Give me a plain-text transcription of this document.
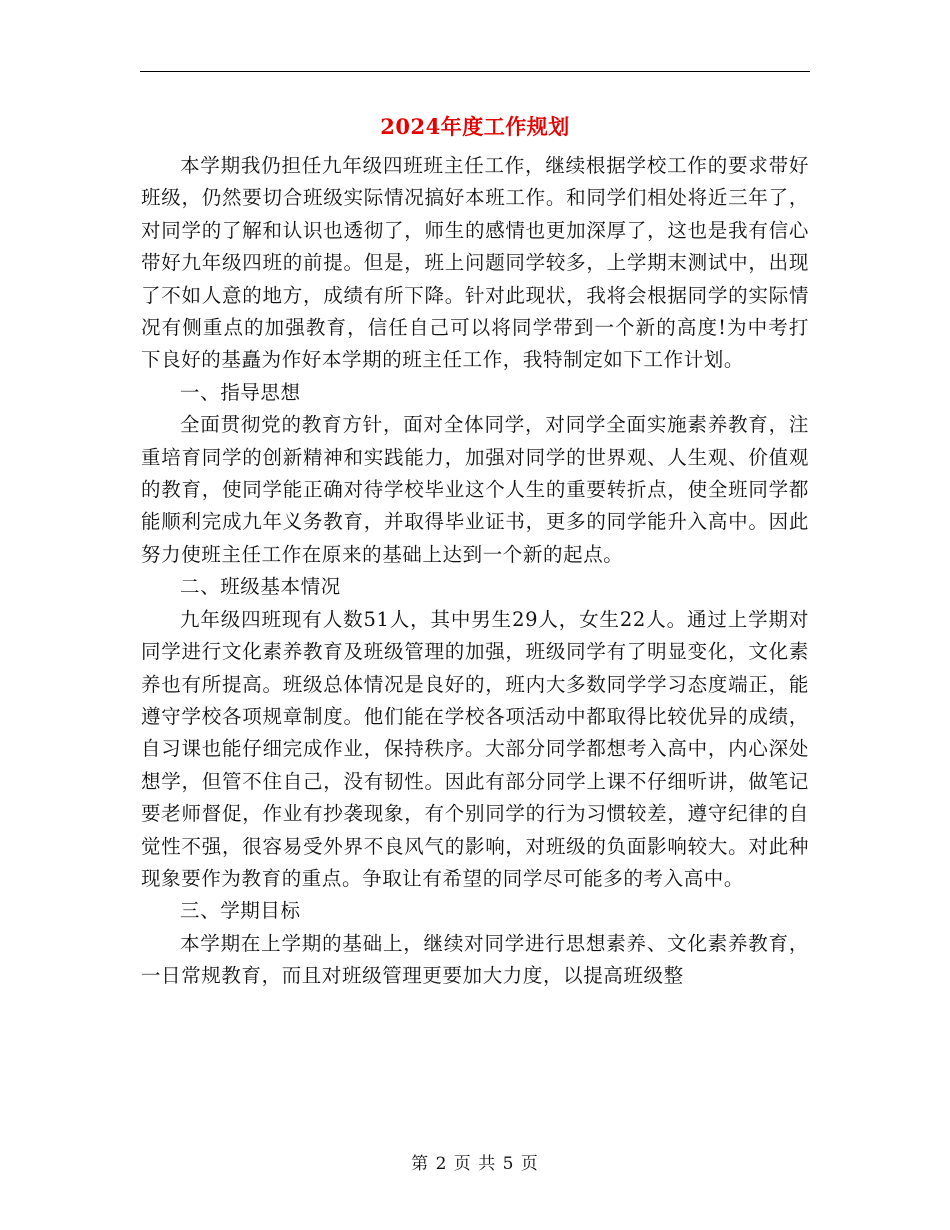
2024年度工作规划

本学期我仍担任九年级四班班主任工作，继续根据学校工作的要求带好班级，仍然要切合班级实际情况搞好本班工作。和同学们相处将近三年了，对同学的了解和认识也透彻了，师生的感情也更加深厚了，这也是我有信心带好九年级四班的前提。但是，班上问题同学较多，上学期末测试中，出现了不如人意的地方，成绩有所下降。针对此现状，我将会根据同学的实际情况有侧重点的加强教育，信任自己可以将同学带到一个新的高度!为中考打下良好的基矗为作好本学期的班主任工作，我特制定如下工作计划。

一、指导思想

全面贯彻党的教育方针，面对全体同学，对同学全面实施素养教育，注重培育同学的创新精神和实践能力，加强对同学的世界观、人生观、价值观的教育，使同学能正确对待学校毕业这个人生的重要转折点，使全班同学都能顺利完成九年义务教育，并取得毕业证书，更多的同学能升入高中。因此努力使班主任工作在原来的基础上达到一个新的起点。

二、班级基本情况

九年级四班现有人数51人，其中男生29人，女生22人。通过上学期对同学进行文化素养教育及班级管理的加强，班级同学有了明显变化，文化素养也有所提高。班级总体情况是良好的，班内大多数同学学习态度端正，能遵守学校各项规章制度。他们能在学校各项活动中都取得比较优异的成绩，自习课也能仔细完成作业，保持秩序。大部分同学都想考入高中，内心深处想学，但管不住自己，没有韧性。因此有部分同学上课不仔细听讲，做笔记要老师督促，作业有抄袭现象，有个别同学的行为习惯较差，遵守纪律的自觉性不强，很容易受外界不良风气的影响，对班级的负面影响较大。对此种现象要作为教育的重点。争取让有希望的同学尽可能多的考入高中。

三、学期目标

本学期在上学期的基础上，继续对同学进行思想素养、文化素养教育，一日常规教育，而且对班级管理更要加大力度，以提高班级整

第 2 页 共 5 页
